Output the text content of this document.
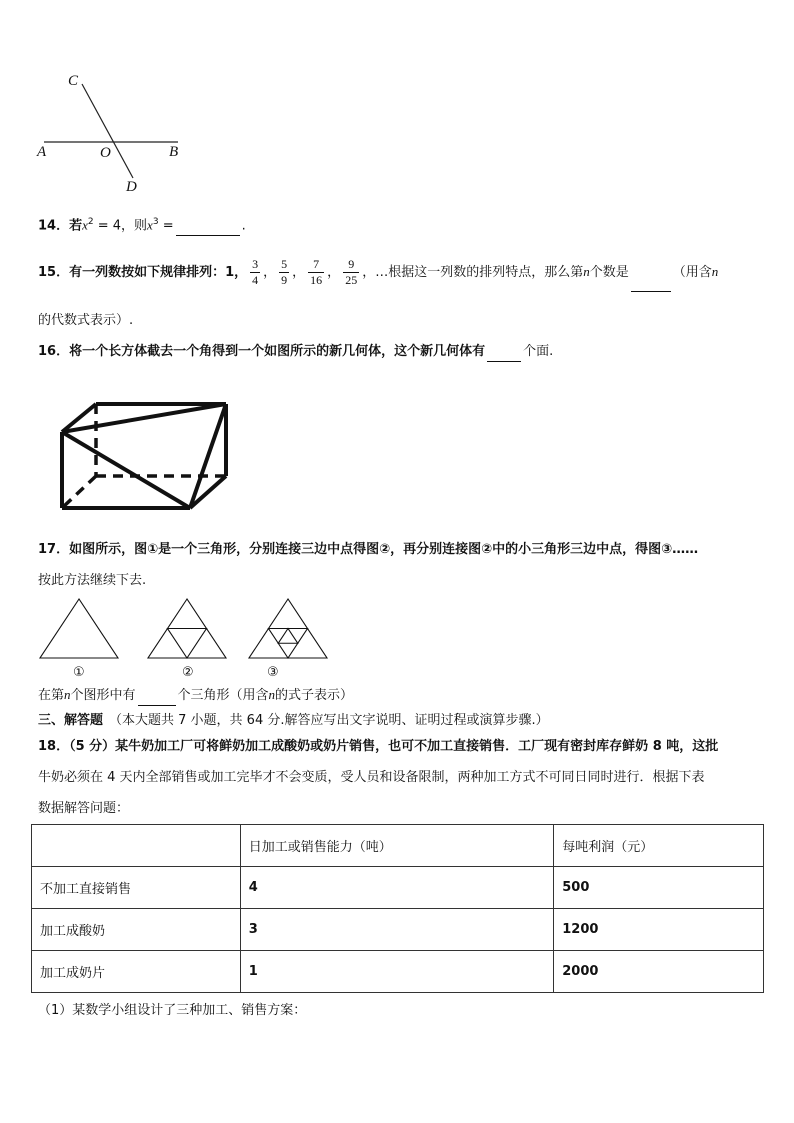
C
A	O	B
D
14．若$x^2 = 4$，则$x^3$ =	.
15．有一列数按如下规律排列：1， $\frac{3}{4}$ ， $\frac{5}{9}$ ， $\frac{7}{16}$ ， $\frac{9}{25}$ ，…根据这一列数的排列特点，那么第n个数是	（用含n
的代数式表示）.
16．将一个长方体截去一个角得到一个如图所示的新几何体，这个新几何体有	个面.
17．如图所示，图①是一个三角形，分别连接三边中点得图②，再分别连接图②中的小三角形三边中点，得图③……
按此方法继续下去.
①	②	③
在第n个图形中有	个三角形（用含n的式子表示）
三、解答题 （本大题共 7 小题，共 64 分.解答应写出文字说明、证明过程或演算步骤.）
18．（5 分）某牛奶加工厂可将鲜奶加工成酸奶或奶片销售，也可不加工直接销售．工厂现有密封库存鲜奶 8 吨，这批
牛奶必须在 4 天内全部销售或加工完毕才不会变质，受人员和设备限制，两种加工方式不可同日同时进行．根据下表
数据解答问题：
	日加工或销售能力（吨）	每吨利润（元）
不加工直接销售	4	500
加工成酸奶	3	1200
加工成奶片	1	2000
（1）某数学小组设计了三种加工、销售方案：
